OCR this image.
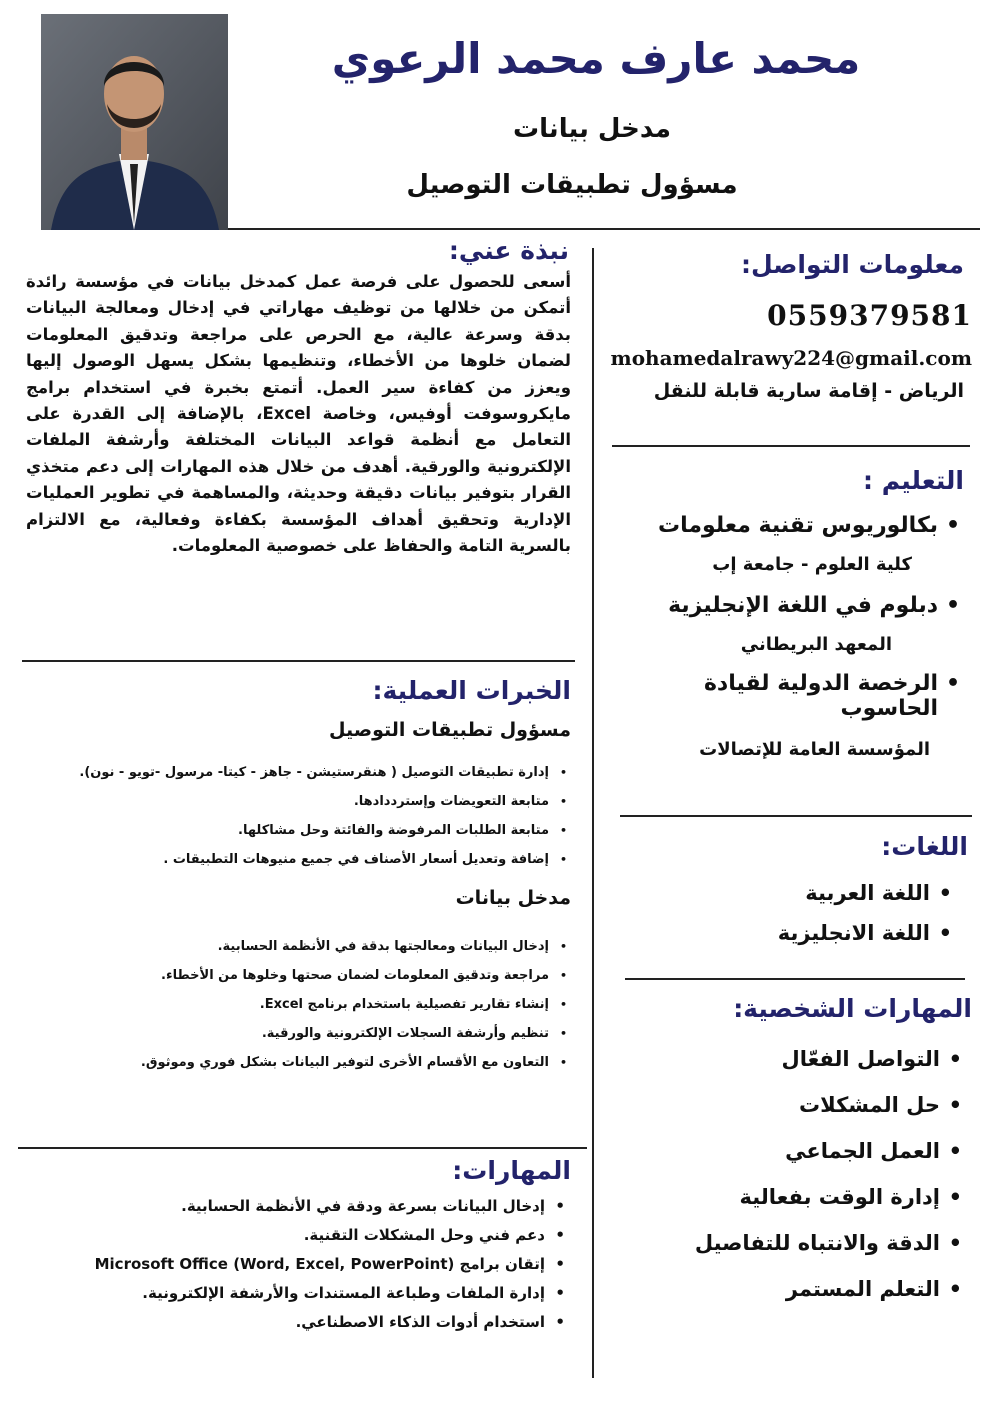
محمد عارف محمد الرعوي
مدخل بيانات
مسؤول تطبيقات التوصيل
معلومات التواصل:
0559379581
mohamedalrawy224@gmail.com
الرياض - إقامة سارية قابلة للنقل
التعليم :
• بكالوريوس تقنية معلومات
كلية العلوم - جامعة إب
• دبلوم في اللغة الإنجليزية
المعهد البريطاني
• الرخصة الدولية لقيادة الحاسوب
المؤسسة العامة للإتصالات
اللغات:
• اللغة العربية
• اللغة الانجليزية
المهارات الشخصية:
• التواصل الفعّال
• حل المشكلات
• العمل الجماعي
• إدارة الوقت بفعالية
• الدقة والانتباه للتفاصيل
• التعلم المستمر
نبذة عني:

أسعى للحصول على فرصة عمل كمدخل بيانات في مؤسسة رائدة أتمكن من خلالها من توظيف مهاراتي في إدخال ومعالجة البيانات بدقة وسرعة عالية، مع الحرص على مراجعة وتدقيق المعلومات لضمان خلوها من الأخطاء، وتنظيمها بشكل يسهل الوصول إليها ويعزز من كفاءة سير العمل. أتمتع بخبرة في استخدام برامج مايكروسوفت أوفيس، وخاصة Excel، بالإضافة إلى القدرة على التعامل مع أنظمة قواعد البيانات المختلفة وأرشفة الملفات الإلكترونية والورقية. أهدف من خلال هذه المهارات إلى دعم متخذي القرار بتوفير بيانات دقيقة وحديثة، والمساهمة في تطوير العمليات الإدارية وتحقيق أهداف المؤسسة بكفاءة وفعالية، مع الالتزام بالسرية التامة والحفاظ على خصوصية المعلومات.

الخبرات العملية:
مسؤول تطبيقات التوصيل
• إدارة تطبيقات التوصيل ( هنقرستيشن - جاهز - كيتا- مرسول -تويو - نون).
• متابعة التعويضات وإسترددادها.
• متابعة الطلبات المرفوضة والفائتة وحل مشاكلها.
• إضافة وتعديل أسعار الأصناف في جميع منيوهات التطبيقات .
مدخل بيانات
• إدخال البيانات ومعالجتها بدقة في الأنظمة الحسابية.
• مراجعة وتدقيق المعلومات لضمان صحتها وخلوها من الأخطاء.
• إنشاء تقارير تفصيلية باستخدام برنامج Excel.
• تنظيم وأرشفة السجلات الإلكترونية والورقية.
• التعاون مع الأقسام الأخرى لتوفير البيانات بشكل فوري وموثوق.
المهارات:
• إدخال البيانات بسرعة ودقة في الأنظمة الحسابية.
• دعم فني وحل المشكلات التقنية.
• إتقان برامج (Microsoft Office (Word, Excel, PowerPoint
• إدارة الملفات وطباعة المستندات والأرشفة الإلكترونية.
• استخدام أدوات الذكاء الاصطناعي.
